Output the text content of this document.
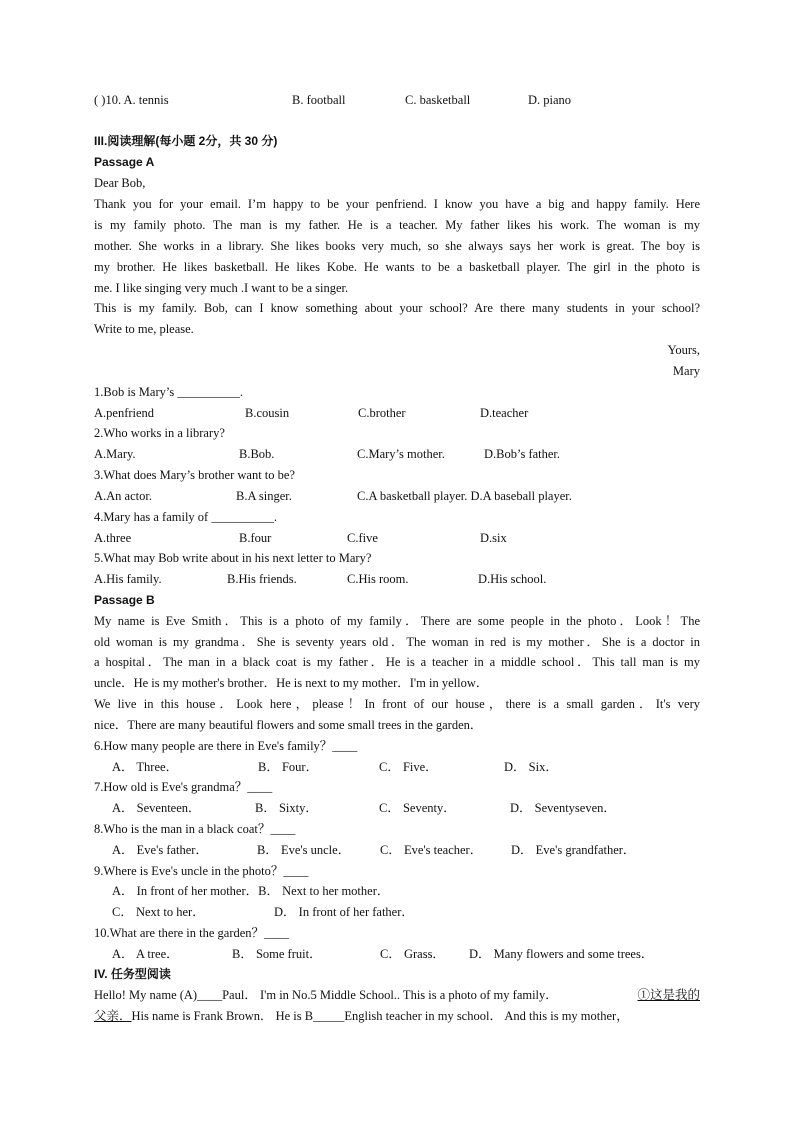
( )10. A. tennis	B. football	C. basketball	D. piano
III.阅读理解(每小题 2分，共 30 分)
Passage A
Dear Bob,
Thank you for your email. I’m happy to be your penfriend. I know you have a big and happy family. Here
is my family photo. The man is my father. He is a teacher. My father likes his work. The woman is my
mother. She works in a library. She likes books very much, so she always says her work is great. The boy is
my brother. He likes basketball. He likes Kobe. He wants to be a basketball player. The girl in the photo is
me. I like singing very much .I want to be a singer.
This is my family. Bob, can I know something about your school? Are there many students in your school?
Write to me, please.
Yours,
Mary
1.Bob is Mary’s __________.
A.penfriend	B.cousin	C.brother	D.teacher
2.Who works in a library?
A.Mary.	B.Bob.	C.Mary’s mother.	D.Bob’s father.
3.What does Mary’s brother want to be?
A.An actor.	B.A singer.	C.A basketball player. D.A baseball player.
4.Mary has a family of __________.
A.three	B.four	C.five	D.six
5.What may Bob write about in his next letter to Mary?
A.His family.	B.His friends.	C.His room.	D.His school.
Passage B
My name is Eve Smith．This is a photo of my family．There are some people in the photo．Look！The
old woman is my grandma．She is seventy years old．The woman in red is my mother．She is a doctor in
a hospital．The man in a black coat is my father．He is a teacher in a middle school．This tall man is my
uncle．He is my mother's brother．He is next to my mother．I'm in yellow．
We live in this house．Look here，please！In front of our house，there is a small garden．It's very
nice．There are many beautiful flowers and some small trees in the garden．
6.How many people are there in Eve's family？____
A． Three．	B． Four．	C． Five．	D． Six．
7.How old is Eve's grandma？____
A． Seventeen．	B． Sixty．	C． Seventy．	D． Seventyseven．
8.Who is the man in a black coat？____
A． Eve's father．	B． Eve's uncle． C． Eve's teacher． D． Eve's grandfather．
9.Where is Eve's uncle in the photo？____
A． In front of her mother．B． Next to her mother．
C． Next to her．	D． In front of her father．
10.What are there in the garden？____
A． A tree．	B． Some fruit．	C． Grass． D． Many flowers and some trees．
IV. 任务型阅读
Hello! My name (A)____Paul． I'm in No.5 Middle School.. This is a photo of my family．	①这是我的
父亲．His name is Frank Brown． He is B_____English teacher in my school． And this is my mother，
